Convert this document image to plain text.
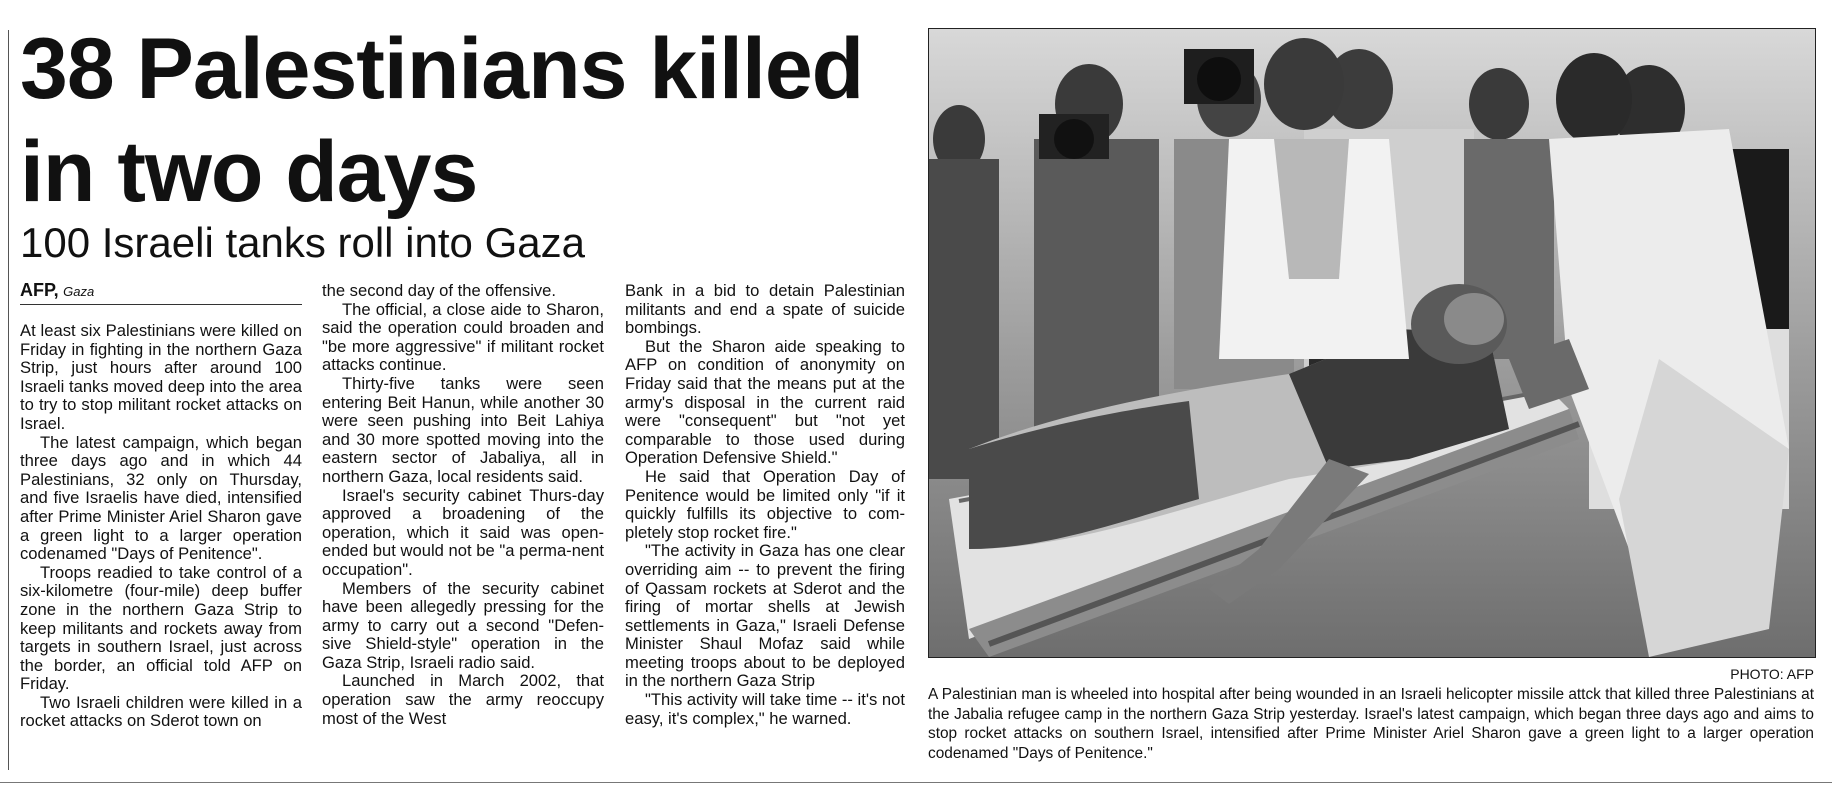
38 Palestinians killed in two days
100 Israeli tanks roll into Gaza
AFP, Gaza

At least six Palestinians were killed on Friday in fighting in the northern Gaza Strip, just hours after around 100 Israeli tanks moved deep into the area to try to stop militant rocket attacks on Israel.

The latest campaign, which began three days ago and in which 44 Palestinians, 32 only on Thursday, and five Israelis have died, intensified after Prime Minister Ariel Sharon gave a green light to a larger operation codenamed "Days of Penitence".

Troops readied to take control of a six-kilometre (four-mile) deep buffer zone in the northern Gaza Strip to keep militants and rockets away from targets in southern Israel, just across the border, an official told AFP on Friday.

Two Israeli children were killed in a rocket attacks on Sderot town on

the second day of the offensive.

The official, a close aide to Sharon, said the operation could broaden and "be more aggressive" if militant rocket attacks continue.

Thirty-five tanks were seen entering Beit Hanun, while another 30 were seen pushing into Beit Lahiya and 30 more spotted moving into the eastern sector of Jabaliya, all in northern Gaza, local residents said.

Israel's security cabinet Thurs-day approved a broadening of the operation, which it said was open-ended but would not be "a perma-nent occupation".

Members of the security cabinet have been allegedly pressing for the army to carry out a second "Defen-sive Shield-style" operation in the Gaza Strip, Israeli radio said.

Launched in March 2002, that operation saw the army reoccupy most of the West

Bank in a bid to detain Palestinian militants and end a spate of suicide bombings.

But the Sharon aide speaking to AFP on condition of anonymity on Friday said that the means put at the army's disposal in the current raid were "consequent" but "not yet comparable to those used during Operation Defensive Shield."

He said that Operation Day of Penitence would be limited only "if it quickly fulfills its objective to com-pletely stop rocket fire."

"The activity in Gaza has one clear overriding aim -- to prevent the firing of Qassam rockets at Sderot and the firing of mortar shells at Jewish settlements in Gaza," Israeli Defense Minister Shaul Mofaz said while meeting troops about to be deployed in the northern Gaza Strip

"This activity will take time -- it's not easy, it's complex," he warned.

PHOTO: AFP
A Palestinian man is wheeled into hospital after being wounded in an Israeli helicopter missile attck that killed three Palestinians at the Jabalia refugee camp in the northern Gaza Strip yesterday. Israel's latest campaign, which began three days ago and aims to stop rocket attacks on southern Israel, intensified after Prime Minister Ariel Sharon gave a green light to a larger operation codenamed "Days of Penitence."
